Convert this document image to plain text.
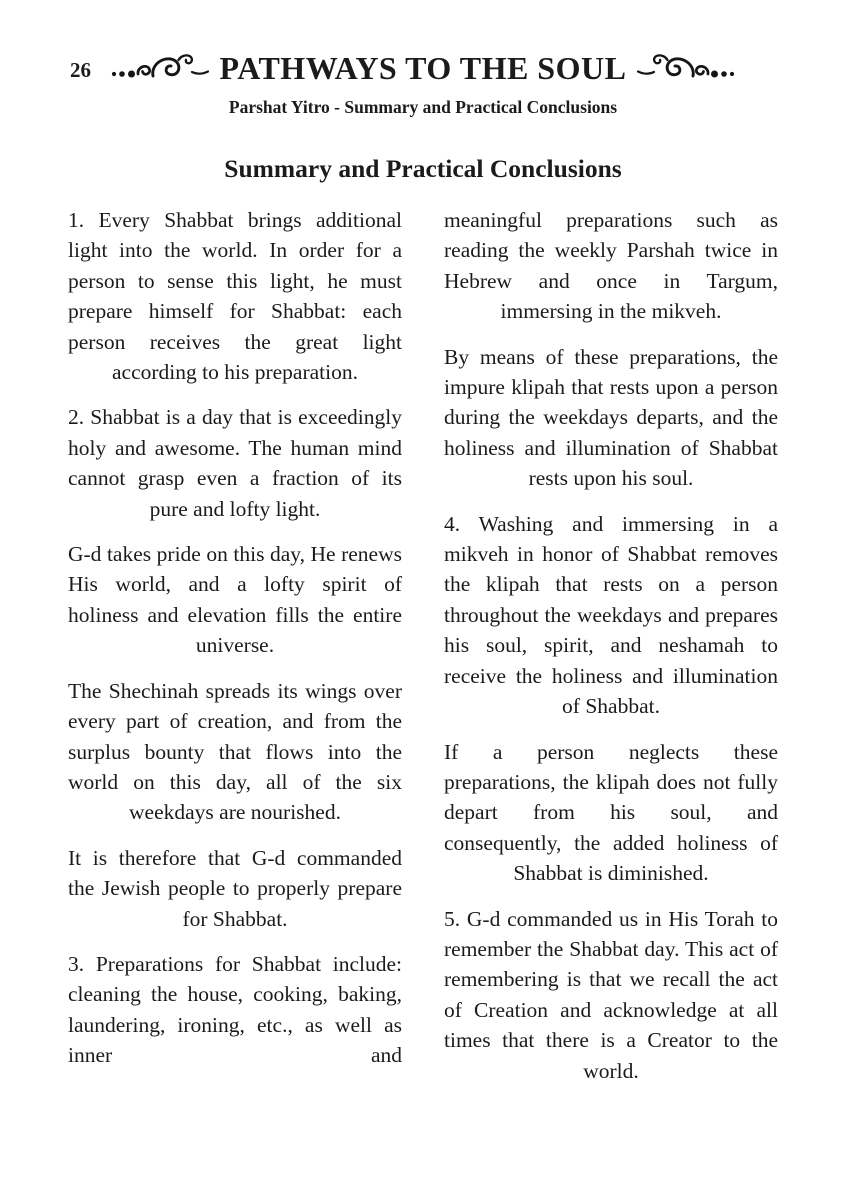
26	PATHWAYS TO THE SOUL
Parshat Yitro - Summary and Practical Conclusions
Summary and Practical Conclusions

1. Every Shabbat brings additional light into the world. In order for a person to sense this light, he must prepare himself for Shabbat: each person receives the great light according to his preparation.

2. Shabbat is a day that is exceedingly holy and awesome. The human mind cannot grasp even a fraction of its pure and lofty light.

G-d takes pride on this day, He renews His world, and a lofty spirit of holiness and elevation fills the entire universe.

The Shechinah spreads its wings over every part of creation, and from the surplus bounty that flows into the world on this day, all of the six weekdays are nourished.

It is therefore that G-d commanded the Jewish people to properly prepare for Shabbat.

3. Preparations for Shabbat include: cleaning the house, cooking, baking, laundering, ironing, etc., as well as inner and

meaningful preparations such as reading the weekly Parshah twice in Hebrew and once in Targum, immersing in the mikveh.

By means of these preparations, the impure klipah that rests upon a person during the weekdays departs, and the holiness and illumination of Shabbat rests upon his soul.

4. Washing and immersing in a mikveh in honor of Shabbat removes the klipah that rests on a person throughout the weekdays and prepares his soul, spirit, and neshamah to receive the holiness and illumination of Shabbat.

If a person neglects these preparations, the klipah does not fully depart from his soul, and consequently, the added holiness of Shabbat is diminished.

5. G-d commanded us in His Torah to remember the Shabbat day. This act of remembering is that we recall the act of Creation and acknowledge at all times that there is a Creator to the world.
